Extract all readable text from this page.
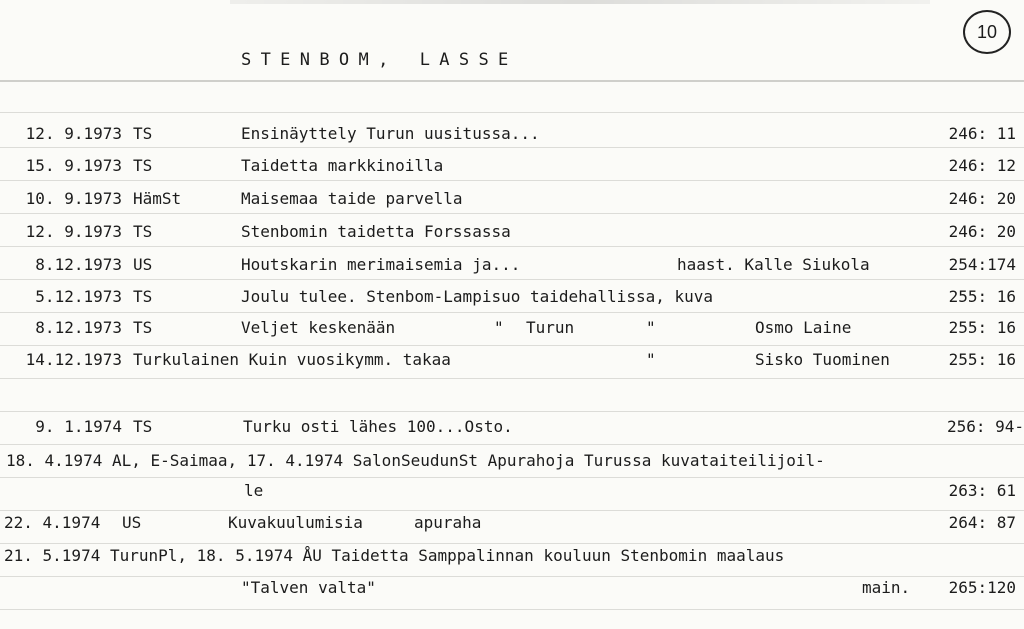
10
STENBOM, LASSE
12. 9.1973 TS	Ensinäyttely Turun uusitussa...	246: 11
15. 9.1973 TS	Taidetta markkinoilla	246: 12
10. 9.1973 HämSt	Maisemaa taide parvella	246: 20
12. 9.1973 TS	Stenbomin taidetta Forssassa	246: 20
8.12.1973 US	Houtskarin merimaisemia ja...	haast. Kalle Siukola	254:174
5.12.1973 TS	Joulu tulee. Stenbom-Lampisuo taidehallissa, kuva	255: 16
8.12.1973 TS	Veljet keskenään	" Turun	"	Osmo Laine	255: 16
14.12.1973 Turkulainen Kuin vuosikymm. takaa	"	Sisko Tuominen	255: 16
9. 1.1974 TS	Turku osti lähes 100...Osto.	256: 94-
18. 4.1974 AL, E-Saimaa, 17. 4.1974 SalonSeudunSt Apurahoja Turussa kuvataiteilijoil-
le	263: 61
22. 4.1974 US	Kuvakuulumisia	apuraha	264: 87
21. 5.1974 TurunPl, 18. 5.1974 ÅU Taidetta Samppalinnan kouluun Stenbomin maalaus
"Talven valta"	main. 265:120
